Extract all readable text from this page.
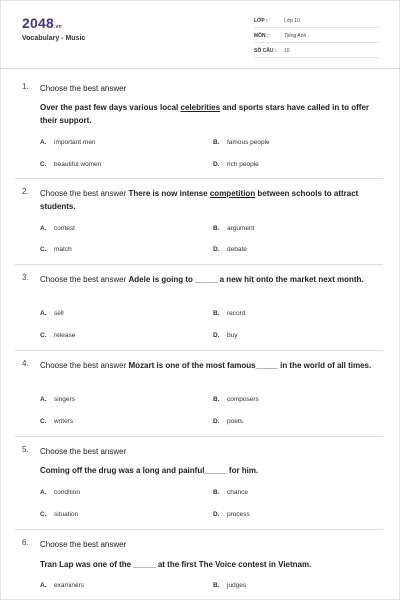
2048.vn
Vocabulary - Music
LỚP :	Lớp 10
MÔN :	Tiếng Anh
SỐ CÂU : 10
1. Choose the best answer
Over the past few days various local celebrities and sports stars have called in to offer their support.
A. important men	B. famous people
C. beautiful women	D. rich people
2. Choose the best answer There is now intense competition between schools to attract students.
A. contest	B. argument
C. match	D. debate
3. Choose the best answer Adele is going to _____ a new hit onto the market next month.
A. sell	B. record
C. release	D. buy
4. Choose the best answer Mozart is one of the most famous_____ in the world of all times.
A. singers	B. composers
C. writers	D. poets
5. Choose the best answer
Coming off the drug was a long and painful_____ for him.
A. condition	B. chance
C. situation	D. process
6. Choose the best answer
Tran Lap was one of the _____ at the first The Voice contest in Vietnam.
A. examiners	B. judges
